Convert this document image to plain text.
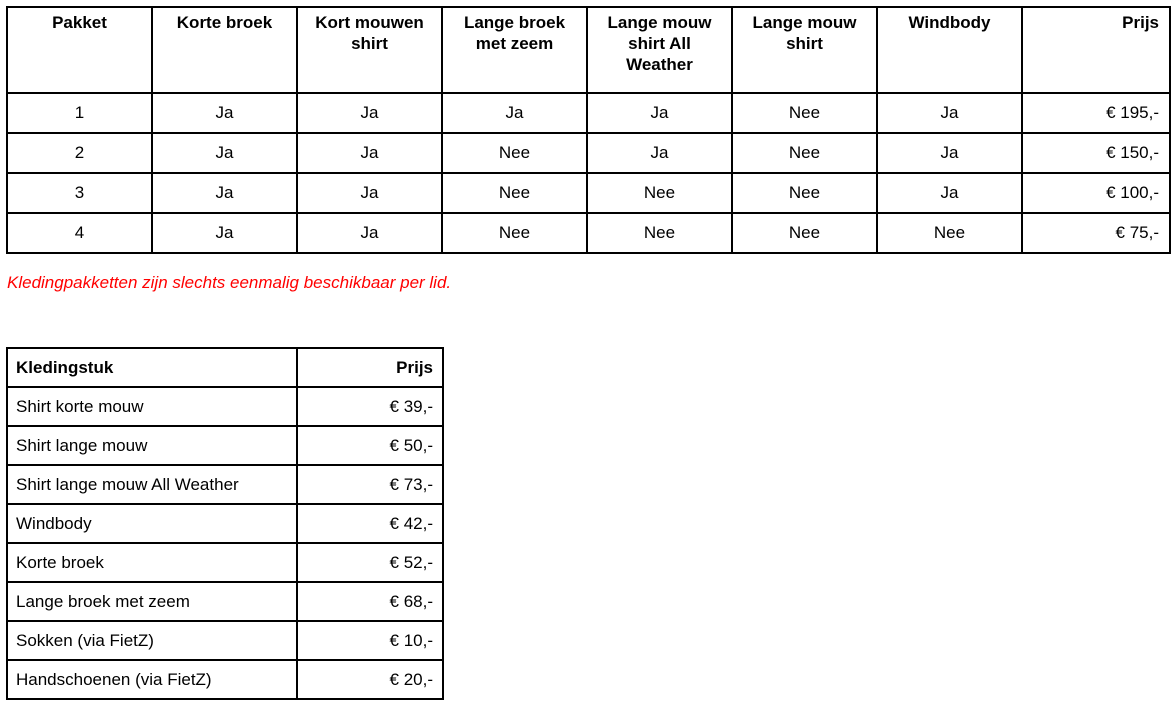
Pakket	Korte broek	Kort mouwen shirt	Lange broek met zeem	Lange mouw shirt All Weather	Lange mouw shirt	Windbody	Prijs
1	Ja	Ja	Ja	Ja	Nee	Ja	€ 195,-
2	Ja	Ja	Nee	Ja	Nee	Ja	€ 150,-
3	Ja	Ja	Nee	Nee	Nee	Ja	€ 100,-
4	Ja	Ja	Nee	Nee	Nee	Nee	€ 75,-
Kledingpakketten zijn slechts eenmalig beschikbaar per lid.
Kledingstuk	Prijs
Shirt korte mouw	€ 39,-
Shirt lange mouw	€ 50,-
Shirt lange mouw All Weather	€ 73,-
Windbody	€ 42,-
Korte broek	€ 52,-
Lange broek met zeem	€ 68,-
Sokken (via FietZ)	€ 10,-
Handschoenen (via FietZ)	€ 20,-
